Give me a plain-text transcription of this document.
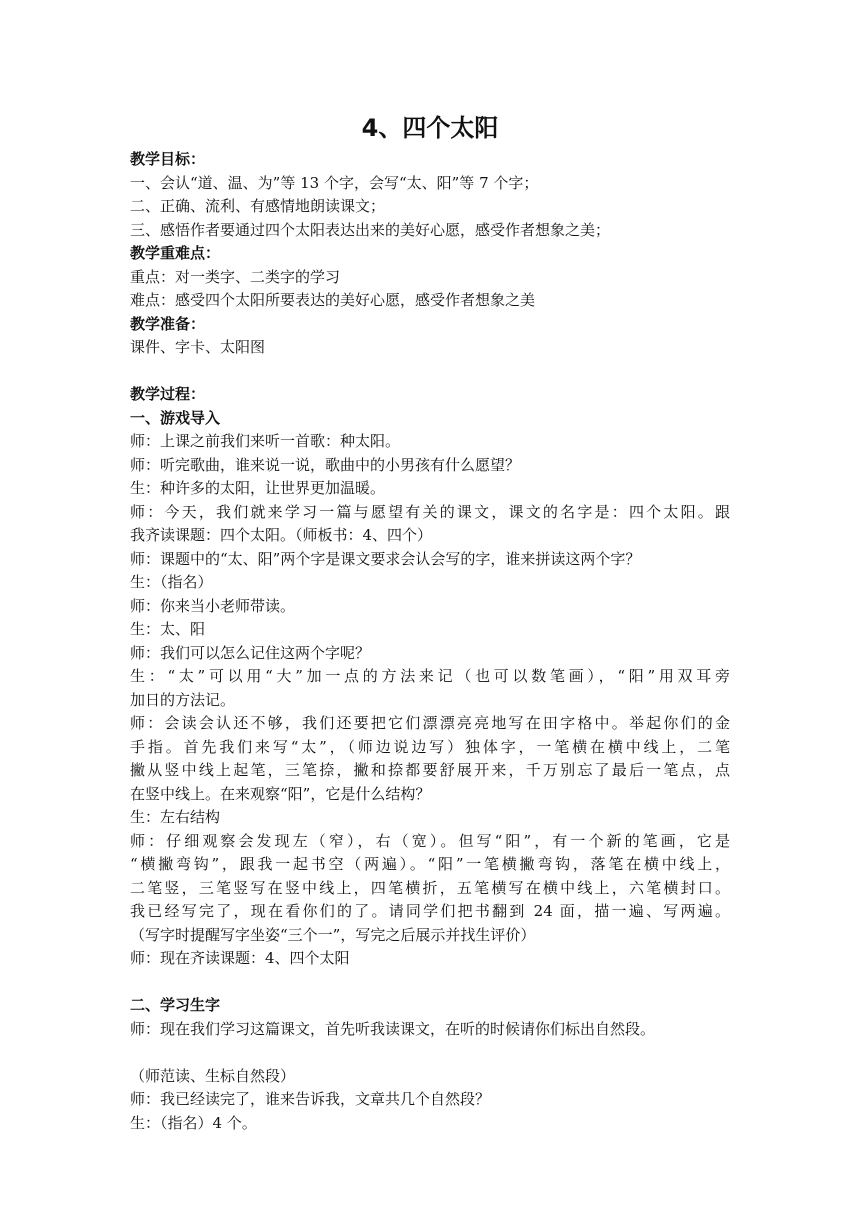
4、四个太阳
教学目标：
一、会认“道、温、为”等 13 个字，会写“太、阳”等 7 个字；
二、正确、流利、有感情地朗读课文；
三、感悟作者要通过四个太阳表达出来的美好心愿，感受作者想象之美；
教学重难点：
重点：对一类字、二类字的学习
难点：感受四个太阳所要表达的美好心愿，感受作者想象之美
教学准备：
课件、字卡、太阳图
教学过程：
一、游戏导入
师：上课之前我们来听一首歌：种太阳。
师：听完歌曲，谁来说一说，歌曲中的小男孩有什么愿望？
生：种许多的太阳，让世界更加温暖。
师：今天，我们就来学习一篇与愿望有关的课文，课文的名字是：四个太阳。跟
我齐读课题：四个太阳。（师板书：4、四个）
师：课题中的“太、阳”两个字是课文要求会认会写的字，谁来拼读这两个字？
生：（指名）
师：你来当小老师带读。
生：太、阳
师：我们可以怎么记住这两个字呢？
生：“太”可以用“大”加一点的方法来记（也可以数笔画），“阳”用双耳旁
加日的方法记。
师：会读会认还不够，我们还要把它们漂漂亮亮地写在田字格中。举起你们的金
手指。首先我们来写“太”，（师边说边写）独体字，一笔横在横中线上，二笔
撇从竖中线上起笔，三笔捺，撇和捺都要舒展开来，千万别忘了最后一笔点，点
在竖中线上。在来观察“阳”，它是什么结构？
生：左右结构
师：仔细观察会发现左（窄），右（宽）。但写“阳”，有一个新的笔画，它是
“横撇弯钩”，跟我一起书空（两遍）。“阳”一笔横撇弯钩，落笔在横中线上，
二笔竖，三笔竖写在竖中线上，四笔横折，五笔横写在横中线上，六笔横封口。
我已经写完了，现在看你们的了。请同学们把书翻到 24 面，描一遍、写两遍。
（写字时提醒写字坐姿“三个一”，写完之后展示并找生评价）
师：现在齐读课题：4、四个太阳
二、学习生字
师：现在我们学习这篇课文，首先听我读课文，在听的时候请你们标出自然段。
（师范读、生标自然段）
师：我已经读完了，谁来告诉我，文章共几个自然段？
生：（指名）4 个。
